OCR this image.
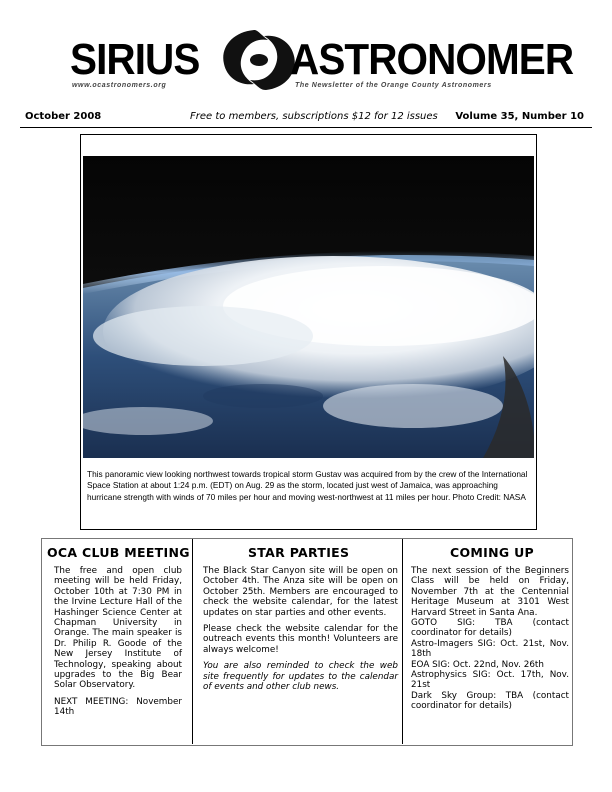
SIRIUS ASTRONOMER
www.ocastronomers.org	The Newsletter of the Orange County Astronomers
October 2008	Free to members, subscriptions $12 for 12 issues Volume 35, Number 10
This panoramic view looking northwest towards tropical storm Gustav was acquired from by the crew of the International Space Station at about 1:24 p.m. (EDT) on Aug. 29 as the storm, located just west of Jamaica, was approaching hurricane strength with winds of 70 miles per hour and moving west-northwest at 11 miles per hour. Photo Credit: NASA
OCA CLUB MEETING

The free and open club meeting will be held Friday, October 10th at 7:30 PM in the Irvine Lecture Hall of the Hashinger Science Center at Chapman University in Orange. The main speaker is Dr. Philip R. Goode of the New Jersey Institute of Technology, speaking about upgrades to the Big Bear Solar Observatory.

NEXT MEETING: November 14th

STAR PARTIES

The Black Star Canyon site will be open on October 4th. The Anza site will be open on October 25th. Members are encouraged to check the website calendar, for the latest updates on star parties and other events.

Please check the website calendar for the outreach events this month! Volunteers are always welcome!

You are also reminded to check the web site frequently for updates to the calendar of events and other club news.

COMING UP

The next session of the Beginners Class will be held on Friday, November 7th at the Centennial Heritage Museum at 3101 West Harvard Street in Santa Ana.

GOTO SIG: TBA (contact coordinator for details)

Astro-Imagers SIG: Oct. 21st, Nov. 18th

EOA SIG: Oct. 22nd, Nov. 26th

Astrophysics SIG: Oct. 17th, Nov. 21st

Dark Sky Group: TBA (contact coordinator for details)
